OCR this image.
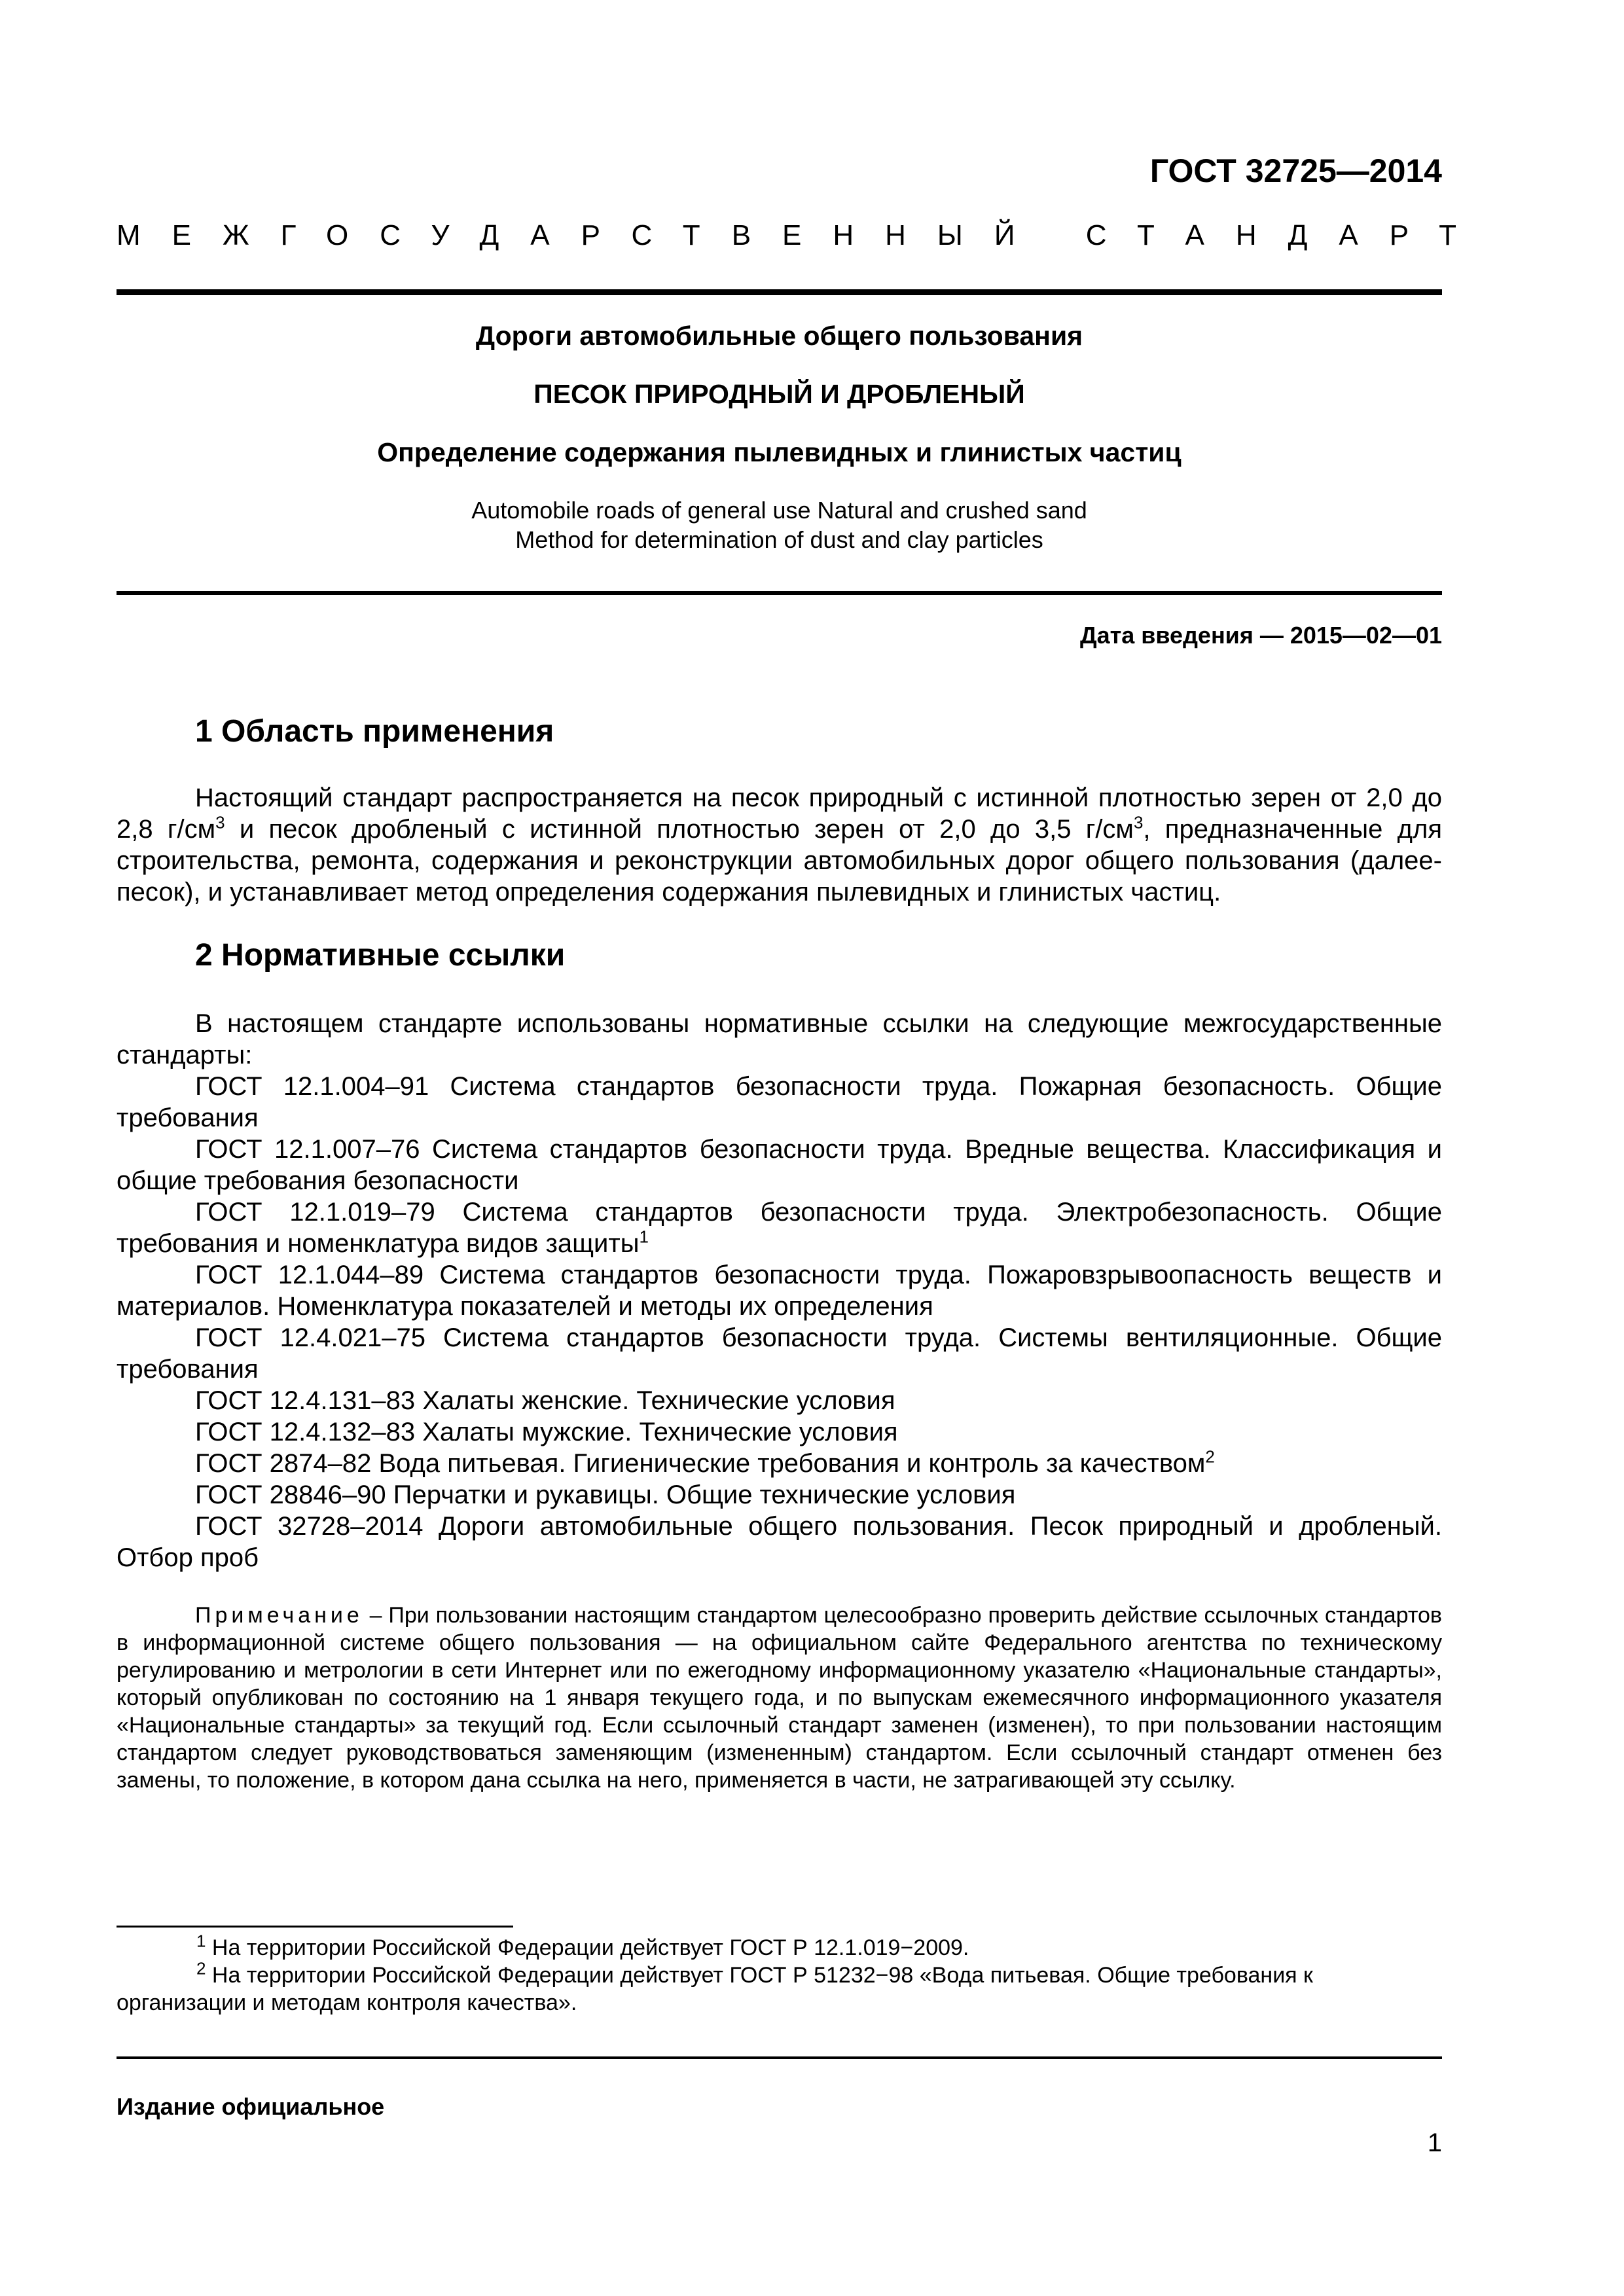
ГОСТ 32725—2014
МЕЖГОСУДАРСТВЕННЫЙ СТАНДАРТ

Дороги автомобильные общего пользования

ПЕСОК ПРИРОДНЫЙ И ДРОБЛЕНЫЙ

Определение содержания пылевидных и глинистых частиц

Automobile roads of general use Natural and crushed sand
Method for determination of dust and clay particles

Дата введения — 2015—02—01
1 Область применения

Настоящий стандарт распространяется на песок природный с истинной плотностью зерен от 2,0 до 2,8 $г/см^3$ и песок дробленый с истинной плотностью зерен от 2,0 до 3,5 $г/см^3$, предназначенные для строительства, ремонта, содержания и реконструкции автомобильных дорог общего пользования (далее-песок), и устанавливает метод определения содержания пылевидных и глинистых частиц.

2 Нормативные ссылки
В настоящем стандарте использованы нормативные ссылки на следующие межгосударственные стандарты:
ГОСТ 12.1.004–91 Система стандартов безопасности труда. Пожарная безопасность. Общие требования
ГОСТ 12.1.007–76 Система стандартов безопасности труда. Вредные вещества. Классификация и общие требования безопасности
ГОСТ 12.1.019–79 Система стандартов безопасности труда. Электробезопасность. Общие требования и номенклатура видов защиты$^1$
ГОСТ 12.1.044–89 Система стандартов безопасности труда. Пожаровзрывоопасность веществ и материалов. Номенклатура показателей и методы их определения
ГОСТ 12.4.021–75 Система стандартов безопасности труда. Системы вентиляционные. Общие требования
ГОСТ 12.4.131–83 Халаты женские. Технические условия
ГОСТ 12.4.132–83 Халаты мужские. Технические условия
ГОСТ 2874–82 Вода питьевая. Гигиенические требования и контроль за качеством$^2$
ГОСТ 28846–90 Перчатки и рукавицы. Общие технические условия
ГОСТ 32728–2014 Дороги автомобильные общего пользования. Песок природный и дробленый. Отбор проб

Примечание – При пользовании настоящим стандартом целесообразно проверить действие ссылочных стандартов в информационной системе общего пользования — на официальном сайте Федерального агентства по техническому регулированию и метрологии в сети Интернет или по ежегодному информационному указателю «Национальные стандарты», который опубликован по состоянию на 1 января текущего года, и по выпускам ежемесячного информационного указателя «Национальные стандарты» за текущий год. Если ссылочный стандарт заменен (изменен), то при пользовании настоящим стандартом следует руководствоваться заменяющим (измененным) стандартом. Если ссылочный стандарт отменен без замены, то положение, в котором дана ссылка на него, применяется в части, не затрагивающей эту ссылку.

$^1$ На территории Российской Федерации действует ГОСТ Р 12.1.019−2009.

$^2$ На территории Российской Федерации действует ГОСТ Р 51232−98 «Вода питьевая. Общие требования к организации и методам контроля качества».

Издание официальное
1
